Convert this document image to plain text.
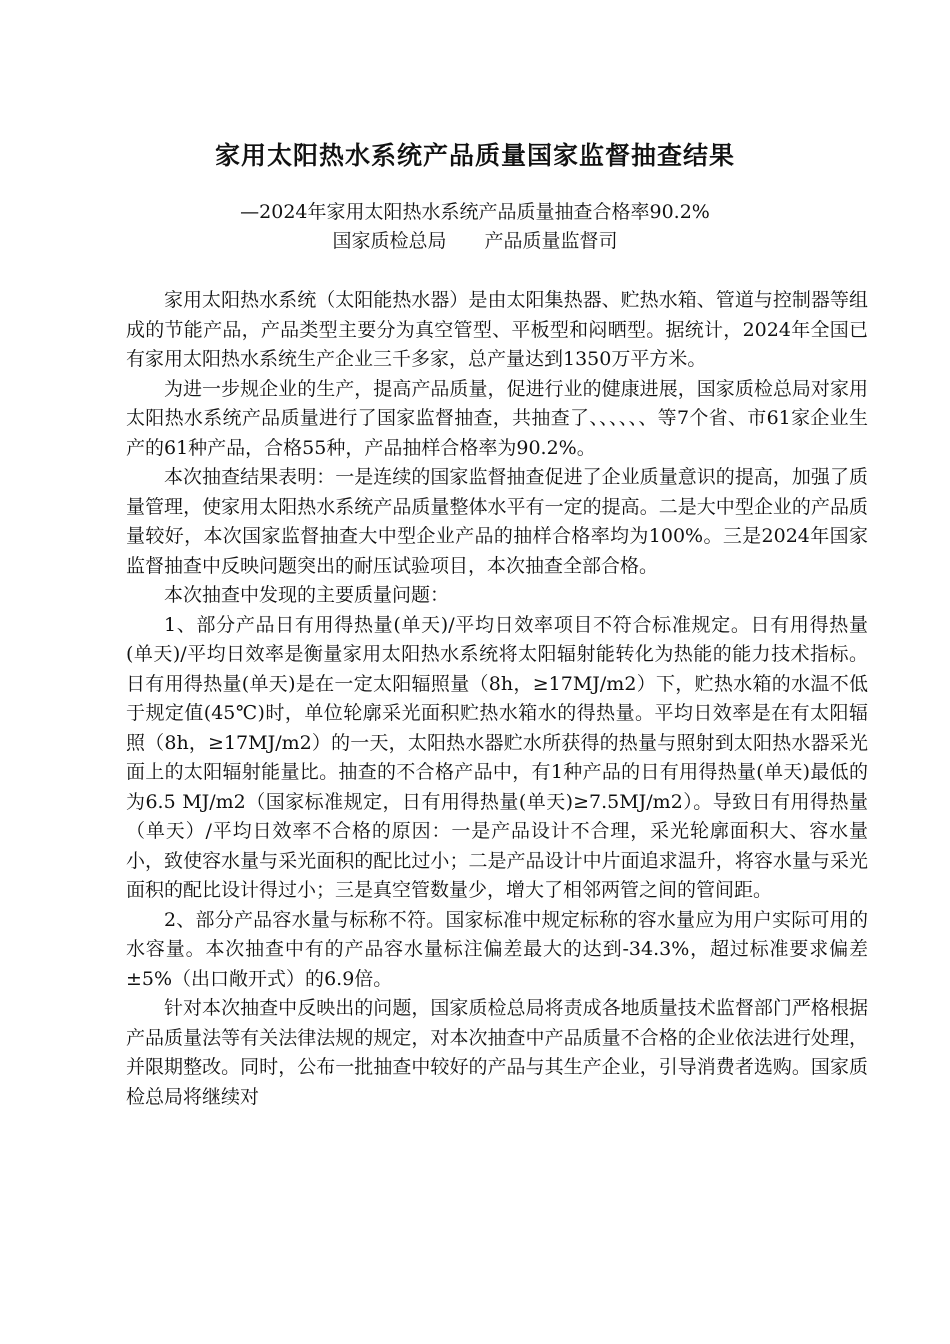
家用太阳热水系统产品质量国家监督抽查结果
—2024年家用太阳热水系统产品质量抽查合格率90.2%
国家质检总局 产品质量监督司

家用太阳热水系统（太阳能热水器）是由太阳集热器、贮热水箱、管道与控制器等组成的节能产品，产品类型主要分为真空管型、平板型和闷晒型。据统计，2024年全国已有家用太阳热水系统生产企业三千多家，总产量达到1350万平方米。

为进一步规企业的生产，提高产品质量，促进行业的健康进展，国家质检总局对家用太阳热水系统产品质量进行了国家监督抽查，共抽查了、、、、、、等7个省、市61家企业生产的61种产品，合格55种，产品抽样合格率为90.2%。

本次抽查结果表明：一是连续的国家监督抽查促进了企业质量意识的提高，加强了质量管理，使家用太阳热水系统产品质量整体水平有一定的提高。二是大中型企业的产品质量较好，本次国家监督抽查大中型企业产品的抽样合格率均为100%。三是2024年国家监督抽查中反映问题突出的耐压试验项目，本次抽查全部合格。

本次抽查中发现的主要质量问题：

1、部分产品日有用得热量(单天)/平均日效率项目不符合标准规定。日有用得热量(单天)/平均日效率是衡量家用太阳热水系统将太阳辐射能转化为热能的能力技术指标。日有用得热量(单天)是在一定太阳辐照量（8h，≥17MJ/m2）下，贮热水箱的水温不低于规定值(45℃)时，单位轮廓采光面积贮热水箱水的得热量。平均日效率是在有太阳辐照（8h，≥17MJ/m2）的一天，太阳热水器贮水所获得的热量与照射到太阳热水器采光面上的太阳辐射能量比。抽查的不合格产品中，有1种产品的日有用得热量(单天)最低的为6.5 MJ/m2（国家标准规定，日有用得热量(单天)≥7.5MJ/m2）。导致日有用得热量（单天）/平均日效率不合格的原因：一是产品设计不合理，采光轮廓面积大、容水量小，致使容水量与采光面积的配比过小；二是产品设计中片面追求温升，将容水量与采光面积的配比设计得过小；三是真空管数量少，增大了相邻两管之间的管间距。

2、部分产品容水量与标称不符。国家标准中规定标称的容水量应为用户实际可用的水容量。本次抽查中有的产品容水量标注偏差最大的达到-34.3%，超过标准要求偏差±5%（出口敞开式）的6.9倍。

针对本次抽查中反映出的问题，国家质检总局将责成各地质量技术监督部门严格根据产品质量法等有关法律法规的规定，对本次抽查中产品质量不合格的企业依法进行处理，并限期整改。同时，公布一批抽查中较好的产品与其生产企业，引导消费者选购。国家质检总局将继续对
